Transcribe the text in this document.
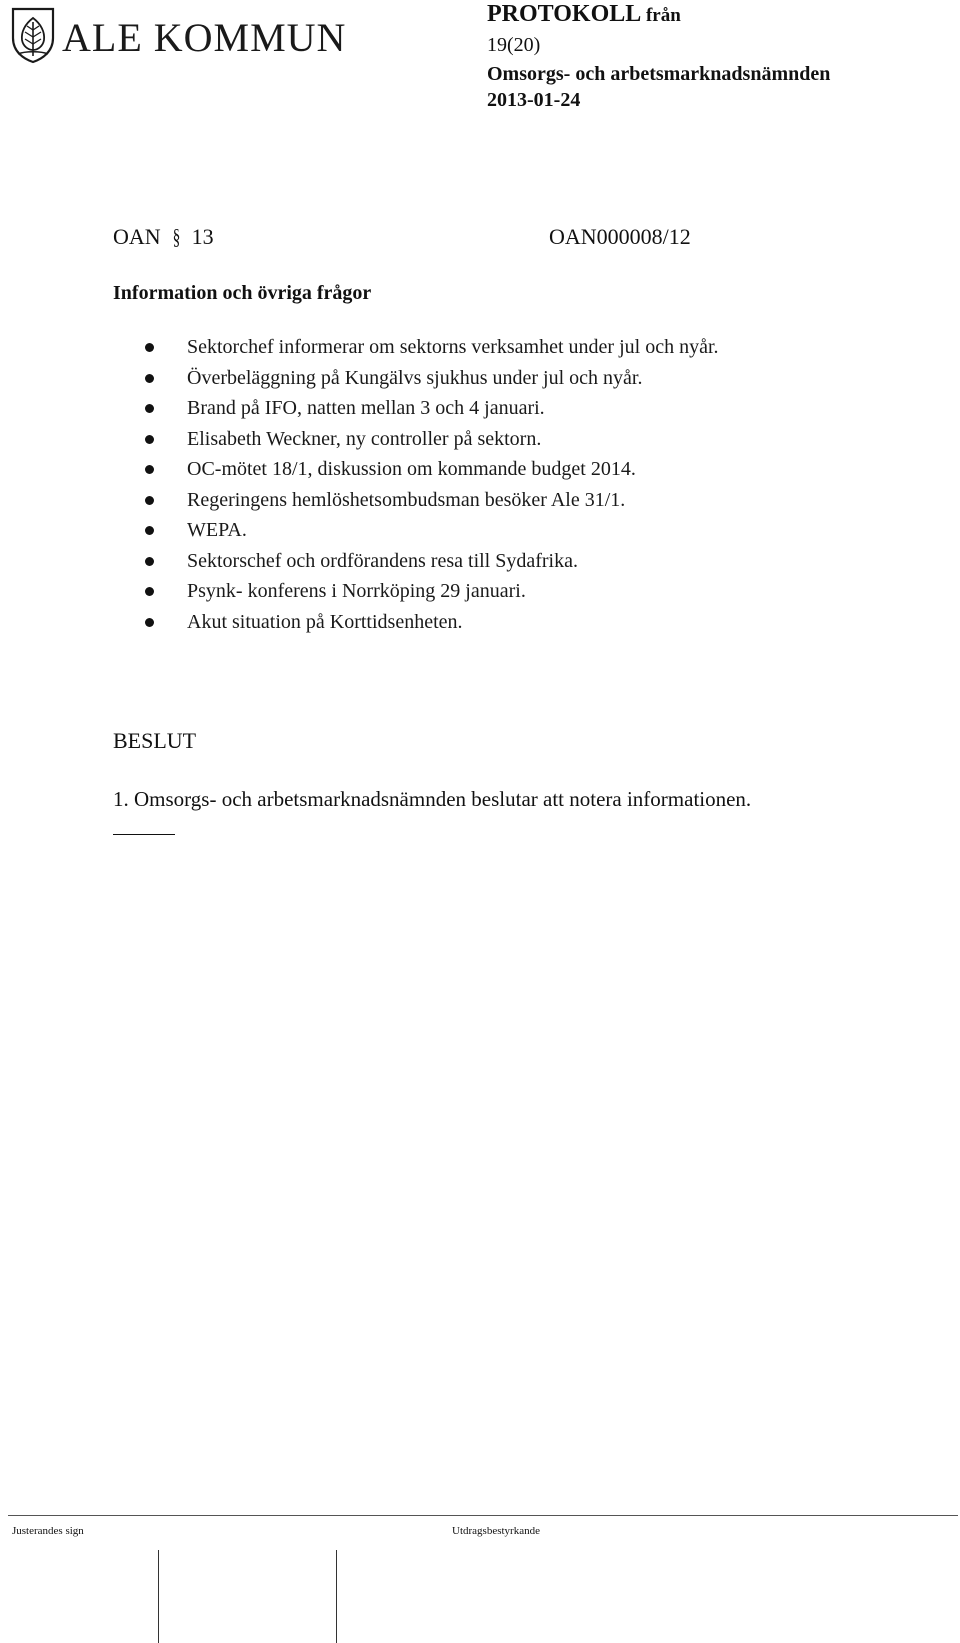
ALE KOMMUN
PROTOKOLL från
19(20)
Omsorgs- och arbetsmarknadsnämnden
2013-01-24
OAN § 13	OAN000008/12
Information och övriga frågor
Sektorchef informerar om sektorns verksamhet under jul och nyår.
Överbeläggning på Kungälvs sjukhus under jul och nyår.
Brand på IFO, natten mellan 3 och 4 januari.
Elisabeth Weckner, ny controller på sektorn.
OC-mötet 18/1, diskussion om kommande budget 2014.
Regeringens hemlöshetsombudsman besöker Ale 31/1.
WEPA.
Sektorschef och ordförandens resa till Sydafrika.
Psynk- konferens i Norrköping 29 januari.
Akut situation på Korttidsenheten.
BESLUT
1. Omsorgs- och arbetsmarknadsnämnden beslutar att notera informationen.
Justerandes sign	Utdragsbestyrkande
